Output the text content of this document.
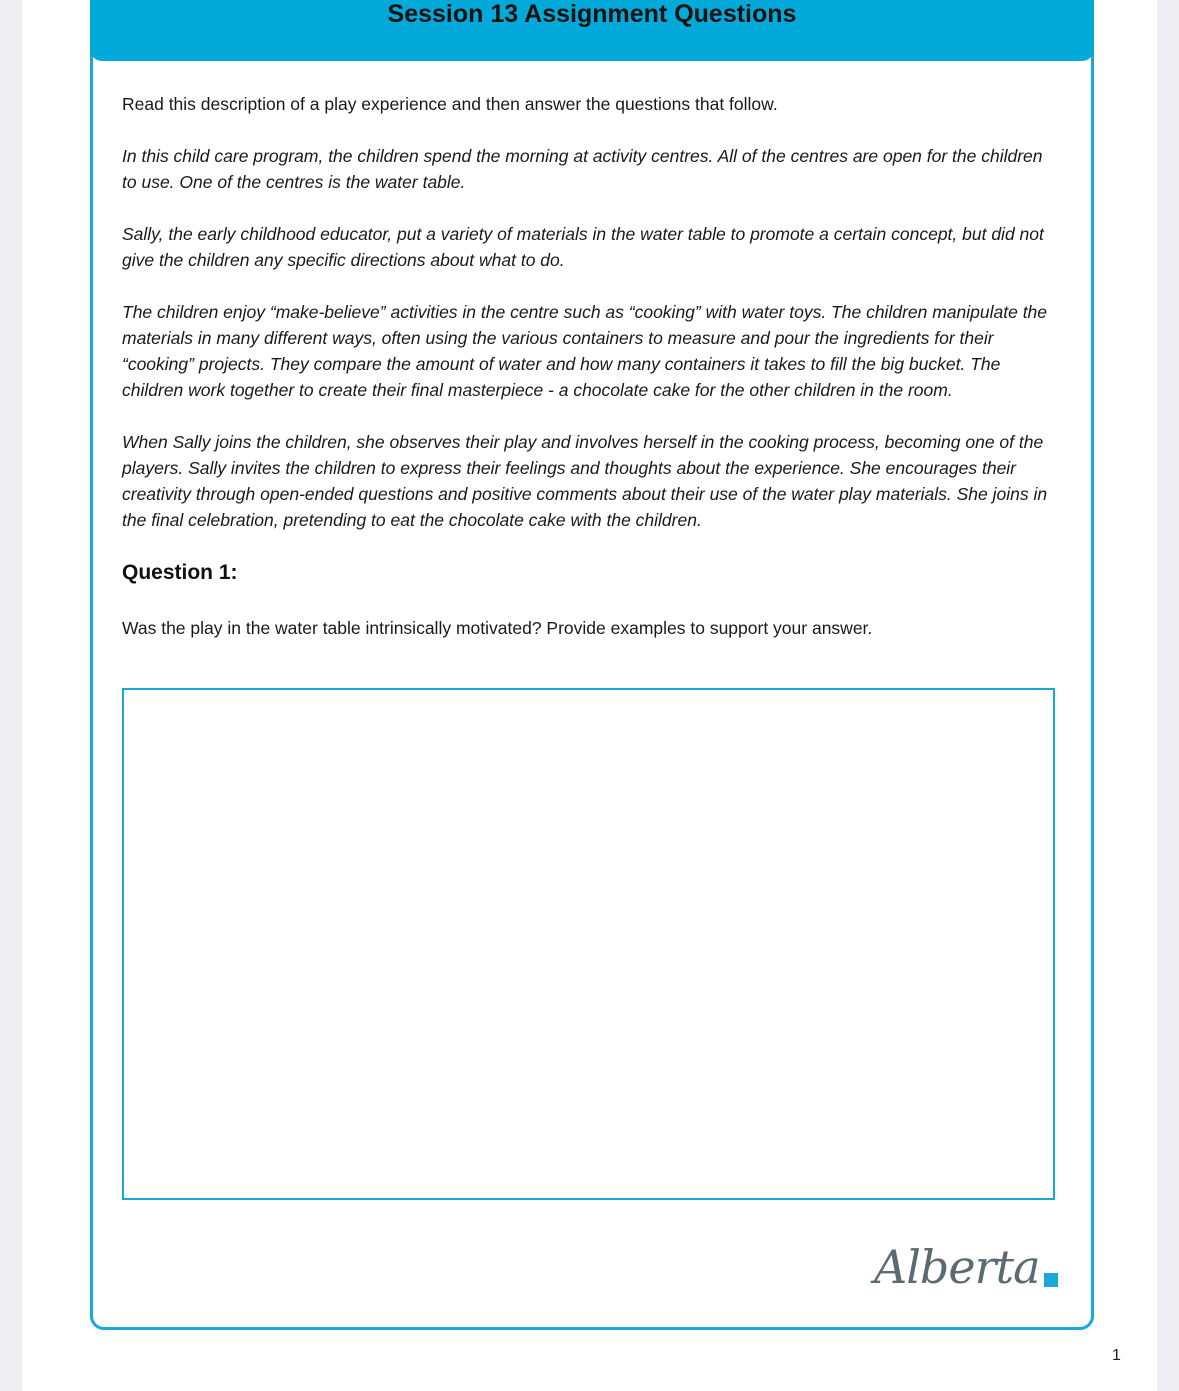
Session 13 Assignment Questions

Read this description of a play experience and then answer the questions that follow.

In this child care program, the children spend the morning at activity centres. All of the centres are open for the children to use. One of the centres is the water table.

Sally, the early childhood educator, put a variety of materials in the water table to promote a certain concept, but did not give the children any specific directions about what to do.

The children enjoy “make-believe” activities in the centre such as “cooking” with water toys. The children manipulate the materials in many different ways, often using the various containers to measure and pour the ingredients for their “cooking” projects. They compare the amount of water and how many containers it takes to fill the big bucket. The children work together to create their final masterpiece - a chocolate cake for the other children in the room.

When Sally joins the children, she observes their play and involves herself in the cooking process, becoming one of the players. Sally invites the children to express their feelings and thoughts about the experience. She encourages their creativity through open-ended questions and positive comments about their use of the water play materials. She joins in the final celebration, pretending to eat the chocolate cake with the children.

Question 1:

Was the play in the water table intrinsically motivated? Provide examples to support your answer.

Alberta
1
